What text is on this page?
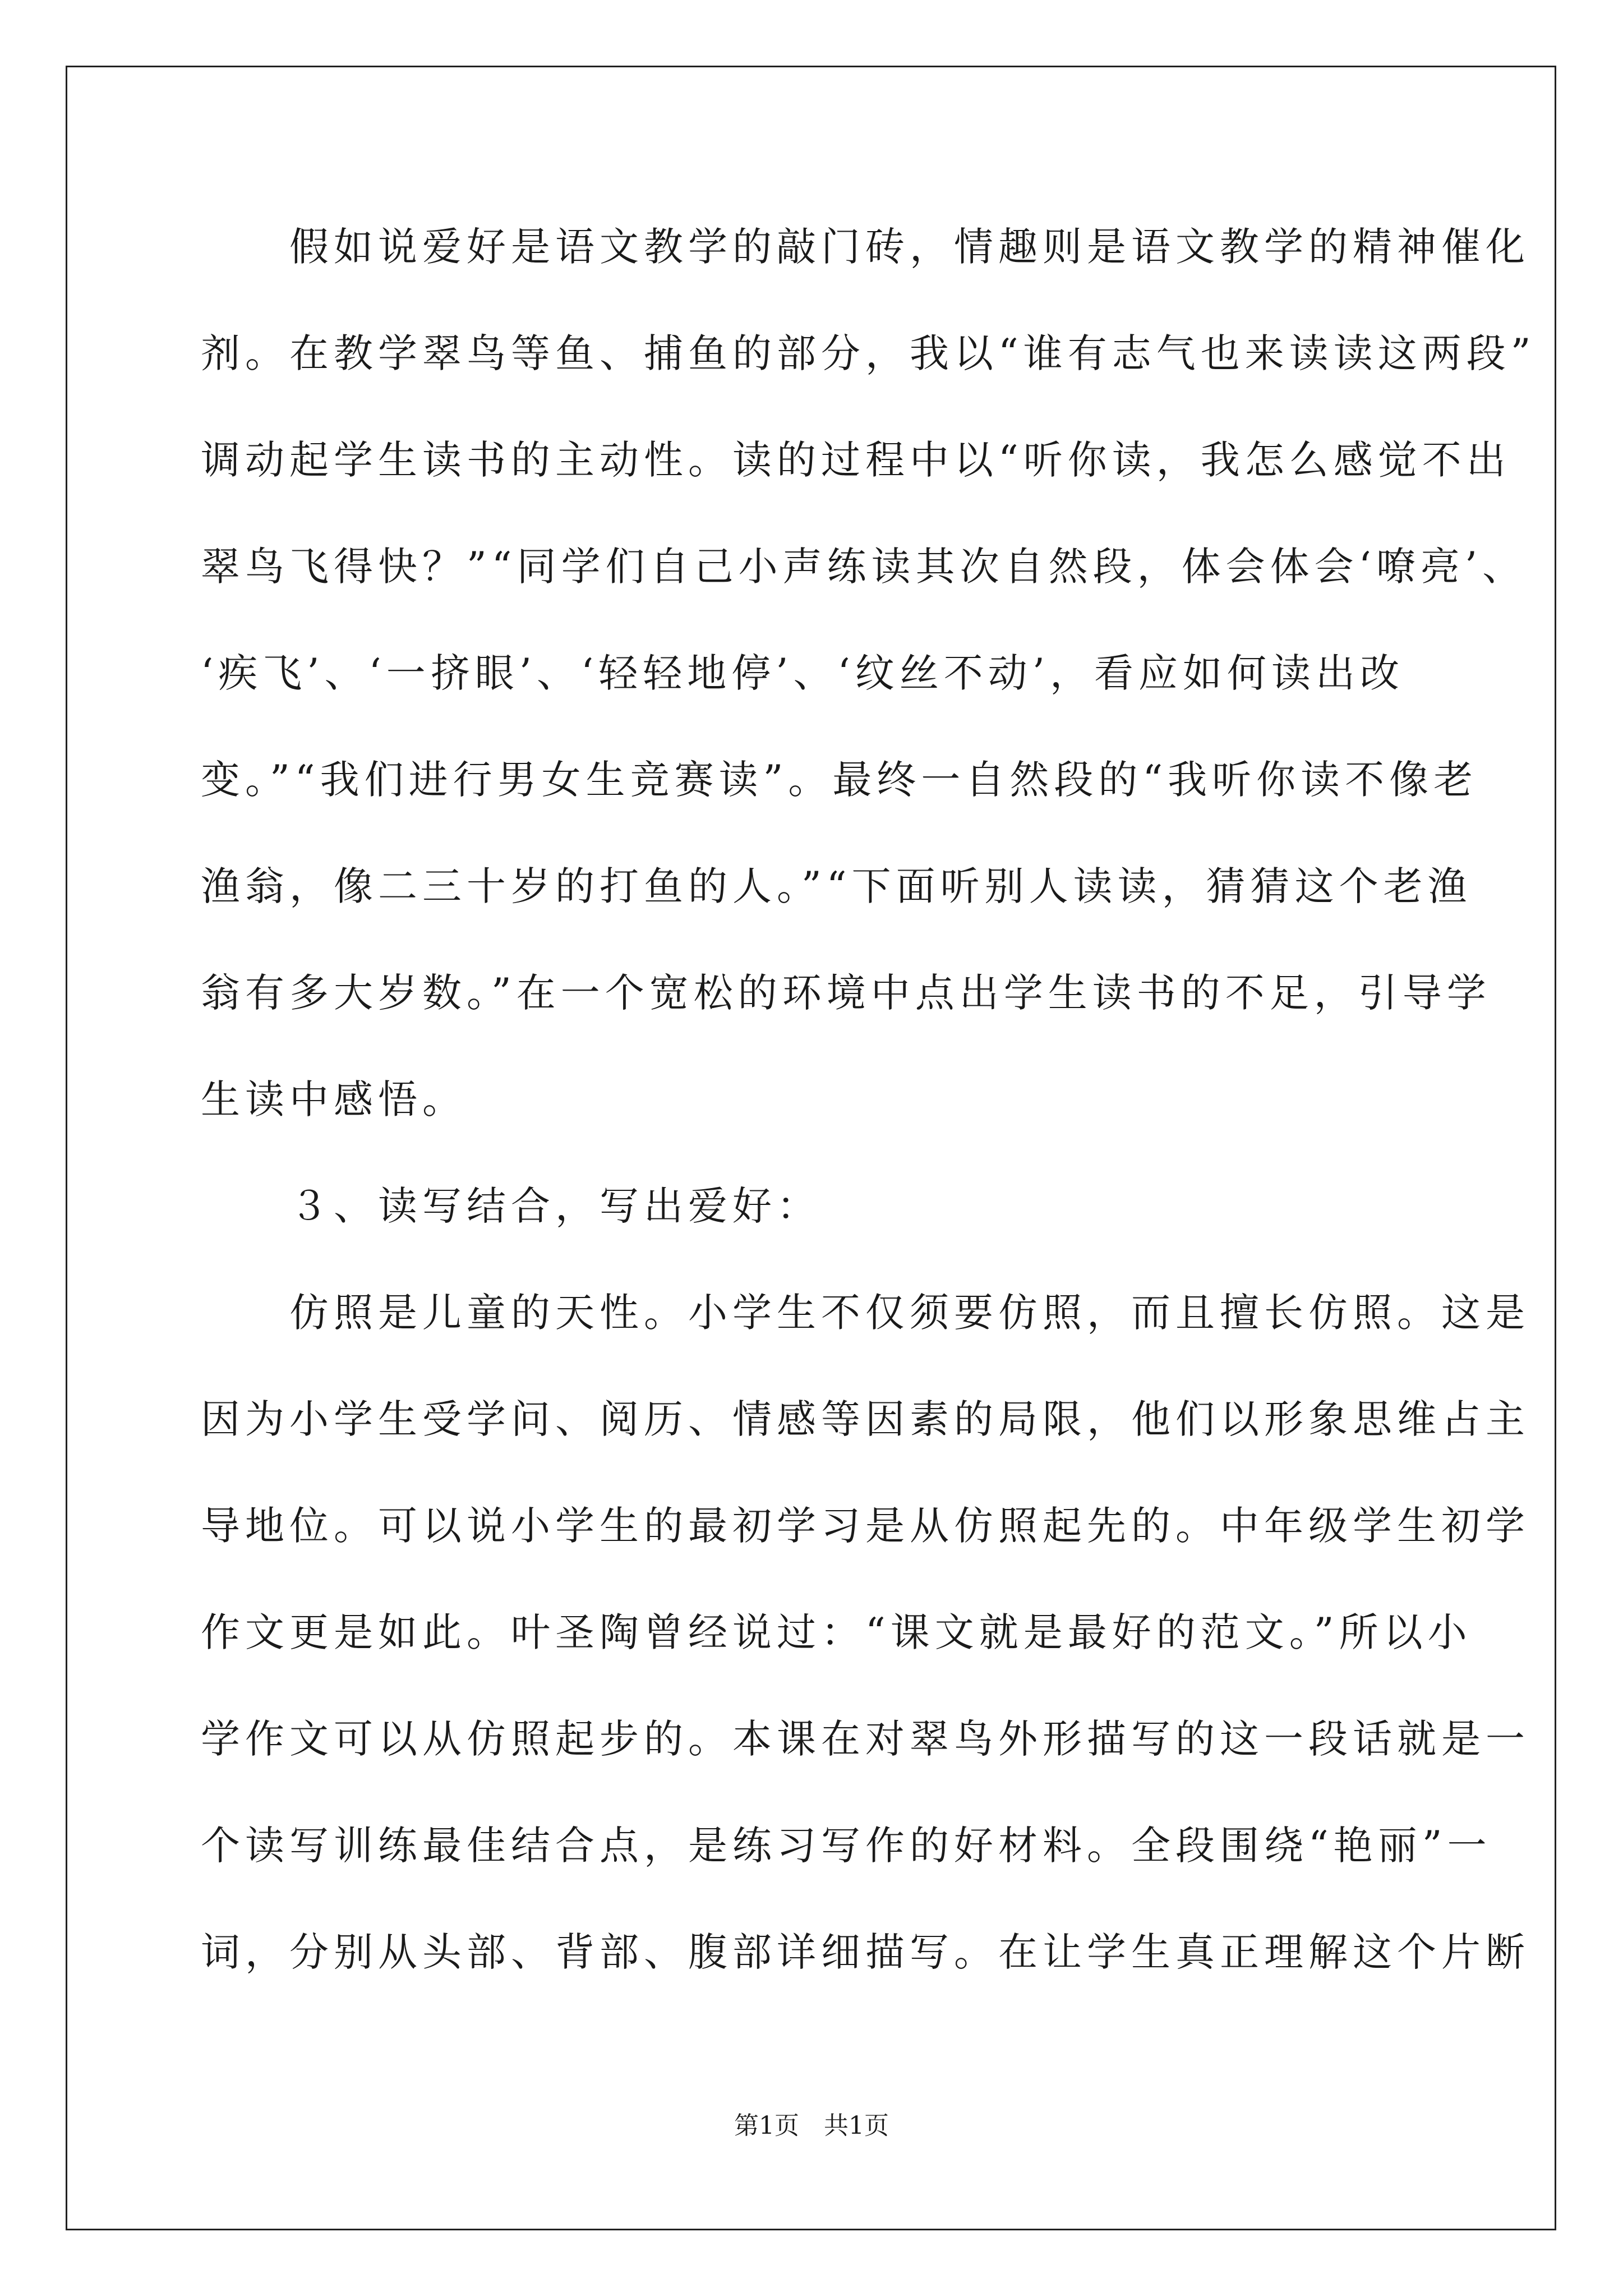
　　假如说爱好是语文教学的敲门砖，情趣则是语文教学的精神催化
剂。在教学翠鸟等鱼、捕鱼的部分，我以“谁有志气也来读读这两段”
调动起学生读书的主动性。读的过程中以“听你读，我怎么感觉不出
翠鸟飞得快？”“同学们自己小声练读其次自然段，体会体会‘嘹亮’、
‘疾飞’、‘一挤眼’、‘轻轻地停’、‘纹丝不动’，看应如何读出改
变。”“我们进行男女生竞赛读”。最终一自然段的“我听你读不像老
渔翁，像二三十岁的打鱼的人。”“下面听别人读读，猜猜这个老渔
翁有多大岁数。”在一个宽松的环境中点出学生读书的不足，引导学
生读中感悟。
　　３、读写结合，写出爱好：
　　仿照是儿童的天性。小学生不仅须要仿照，而且擅长仿照。这是
因为小学生受学问、阅历、情感等因素的局限，他们以形象思维占主
导地位。可以说小学生的最初学习是从仿照起先的。中年级学生初学
作文更是如此。叶圣陶曾经说过：“课文就是最好的范文。”所以小
学作文可以从仿照起步的。本课在对翠鸟外形描写的这一段话就是一
个读写训练最佳结合点，是练习写作的好材料。全段围绕“艳丽”一
词，分别从头部、背部、腹部详细描写。在让学生真正理解这个片断
第1页　共1页
